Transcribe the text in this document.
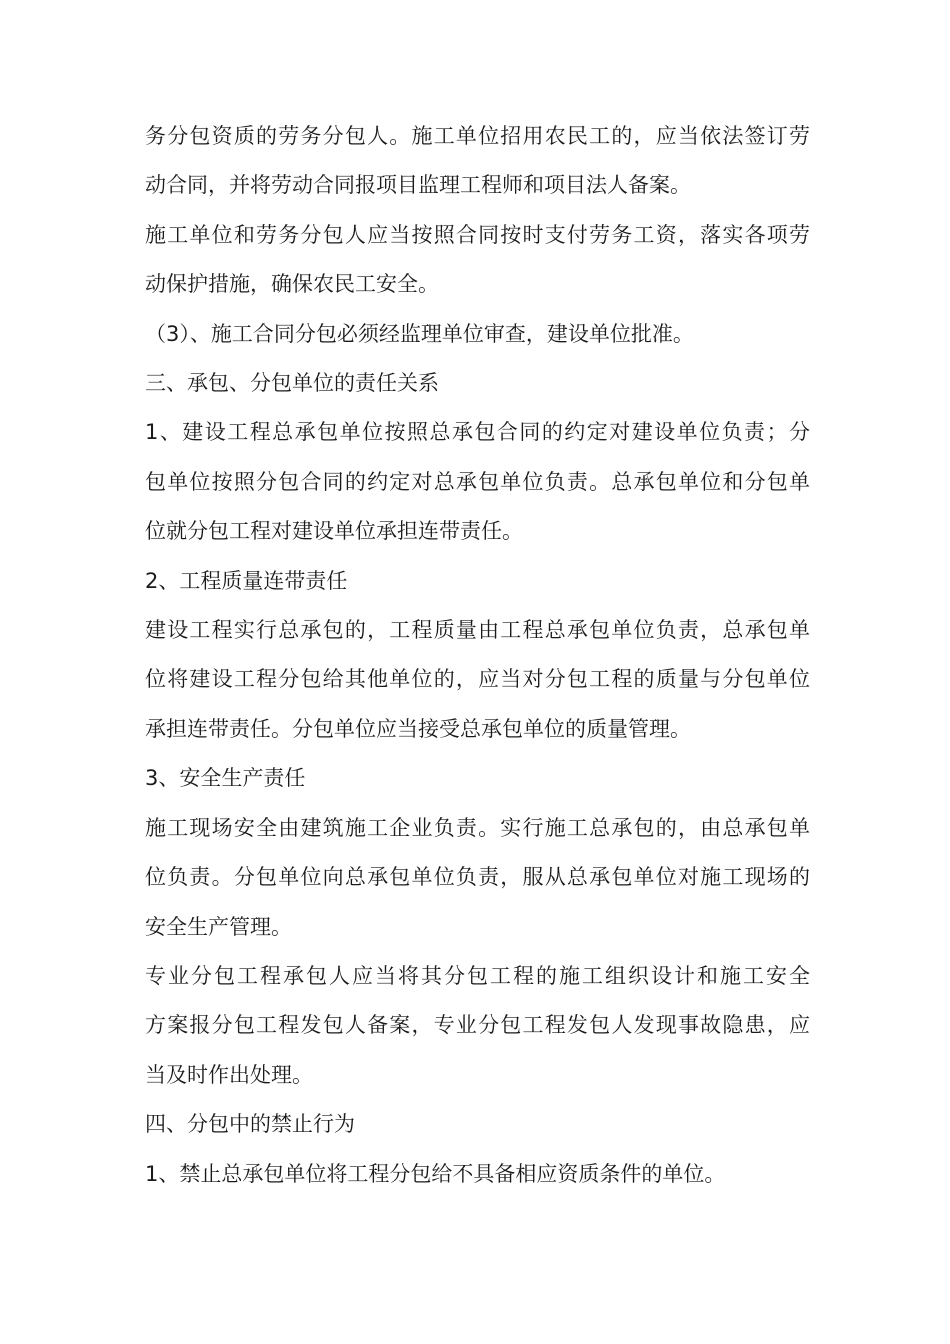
务分包资质的劳务分包人。施工单位招用农民工的，应当依法签订劳
动合同，并将劳动合同报项目监理工程师和项目法人备案。

施工单位和劳务分包人应当按照合同按时支付劳务工资，落实各项劳
动保护措施，确保农民工安全。

（3）、施工合同分包必须经监理单位审查，建设单位批准。

三、承包、分包单位的责任关系

1、建设工程总承包单位按照总承包合同的约定对建设单位负责；分
包单位按照分包合同的约定对总承包单位负责。总承包单位和分包单
位就分包工程对建设单位承担连带责任。

2、工程质量连带责任

建设工程实行总承包的，工程质量由工程总承包单位负责，总承包单
位将建设工程分包给其他单位的，应当对分包工程的质量与分包单位
承担连带责任。分包单位应当接受总承包单位的质量管理。

3、安全生产责任

施工现场安全由建筑施工企业负责。实行施工总承包的，由总承包单
位负责。分包单位向总承包单位负责，服从总承包单位对施工现场的
安全生产管理。

专业分包工程承包人应当将其分包工程的施工组织设计和施工安全
方案报分包工程发包人备案，专业分包工程发包人发现事故隐患，应
当及时作出处理。

四、分包中的禁止行为

1、禁止总承包单位将工程分包给不具备相应资质条件的单位。
